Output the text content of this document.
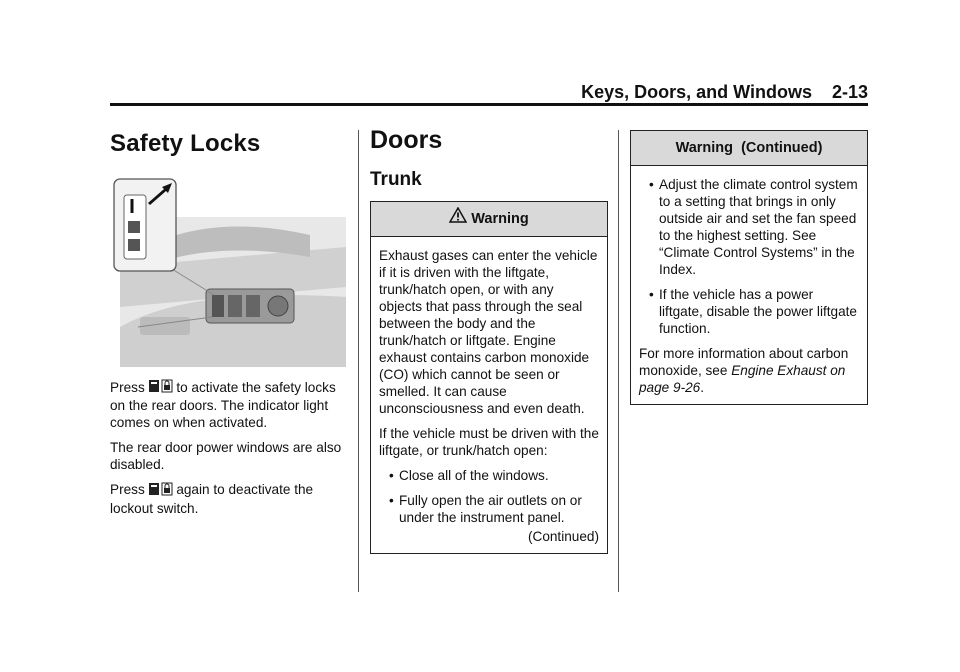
Keys, Doors, and Windows    2-13
Safety Locks

Press to activate the safety locks on the rear doors. The indicator light comes on when activated.

The rear door power windows are also disabled.

Press again to deactivate the lockout switch.

Doors
Trunk
Warning

Exhaust gases can enter the vehicle if it is driven with the liftgate, trunk/hatch open, or with any objects that pass through the seal between the body and the trunk/hatch or liftgate. Engine exhaust contains carbon monoxide (CO) which cannot be seen or smelled. It can cause unconsciousness and even death.

If the vehicle must be driven with the liftgate, or trunk/hatch open:

• Close all of the windows.
• Fully open the air outlets on or under the instrument panel.
(Continued)
Warning  (Continued)
• Adjust the climate control system to a setting that brings in only outside air and set the fan speed to the highest setting. See “Climate Control Systems” in the Index.
• If the vehicle has a power liftgate, disable the power liftgate function.

For more information about carbon monoxide, see Engine Exhaust on page 9-26.
